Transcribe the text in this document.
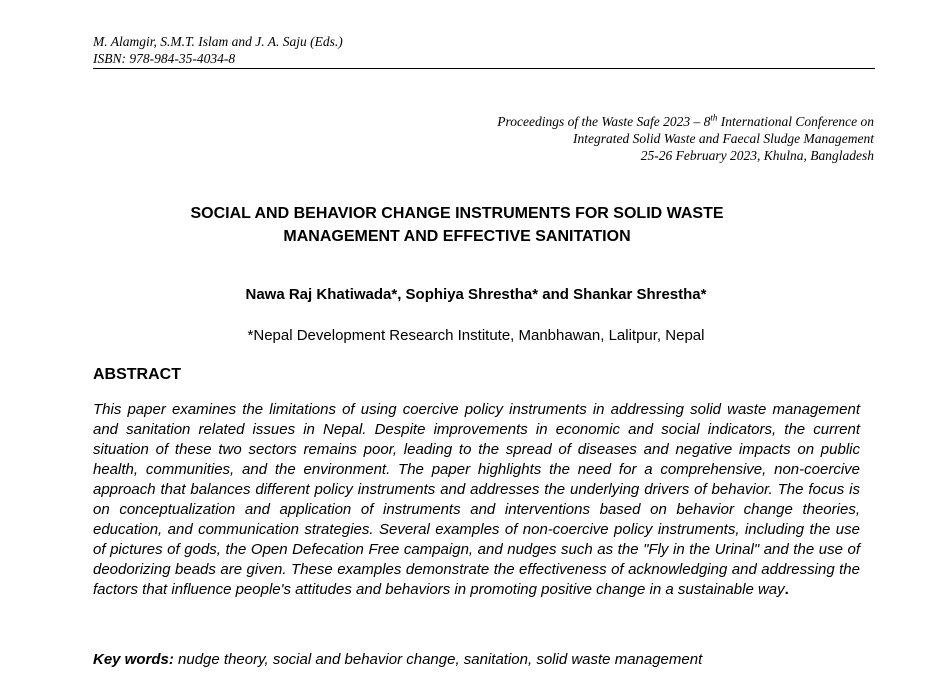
M. Alamgir, S.M.T. Islam and J. A. Saju (Eds.)
ISBN: 978-984-35-4034-8
Proceedings of the Waste Safe 2023 – 8th International Conference on
Integrated Solid Waste and Faecal Sludge Management
25-26 February 2023, Khulna, Bangladesh
SOCIAL AND BEHAVIOR CHANGE INSTRUMENTS FOR SOLID WASTE
MANAGEMENT AND EFFECTIVE SANITATION
Nawa Raj Khatiwada*, Sophiya Shrestha* and Shankar Shrestha*
*Nepal Development Research Institute, Manbhawan, Lalitpur, Nepal
ABSTRACT

This paper examines the limitations of using coercive policy instruments in addressing solid waste management and sanitation related issues in Nepal. Despite improvements in economic and social indicators, the current situation of these two sectors remains poor, leading to the spread of diseases and negative impacts on public health, communities, and the environment. The paper highlights the need for a comprehensive, non-coercive approach that balances different policy instruments and addresses the underlying drivers of behavior. The focus is on conceptualization and application of instruments and interventions based on behavior change theories, education, and communication strategies. Several examples of non-coercive policy instruments, including the use of pictures of gods, the Open Defecation Free campaign, and nudges such as the "Fly in the Urinal" and the use of deodorizing beads are given. These examples demonstrate the effectiveness of acknowledging and addressing the factors that influence people's attitudes and behaviors in promoting positive change in a sustainable way.

Key words: nudge theory, social and behavior change, sanitation, solid waste management
